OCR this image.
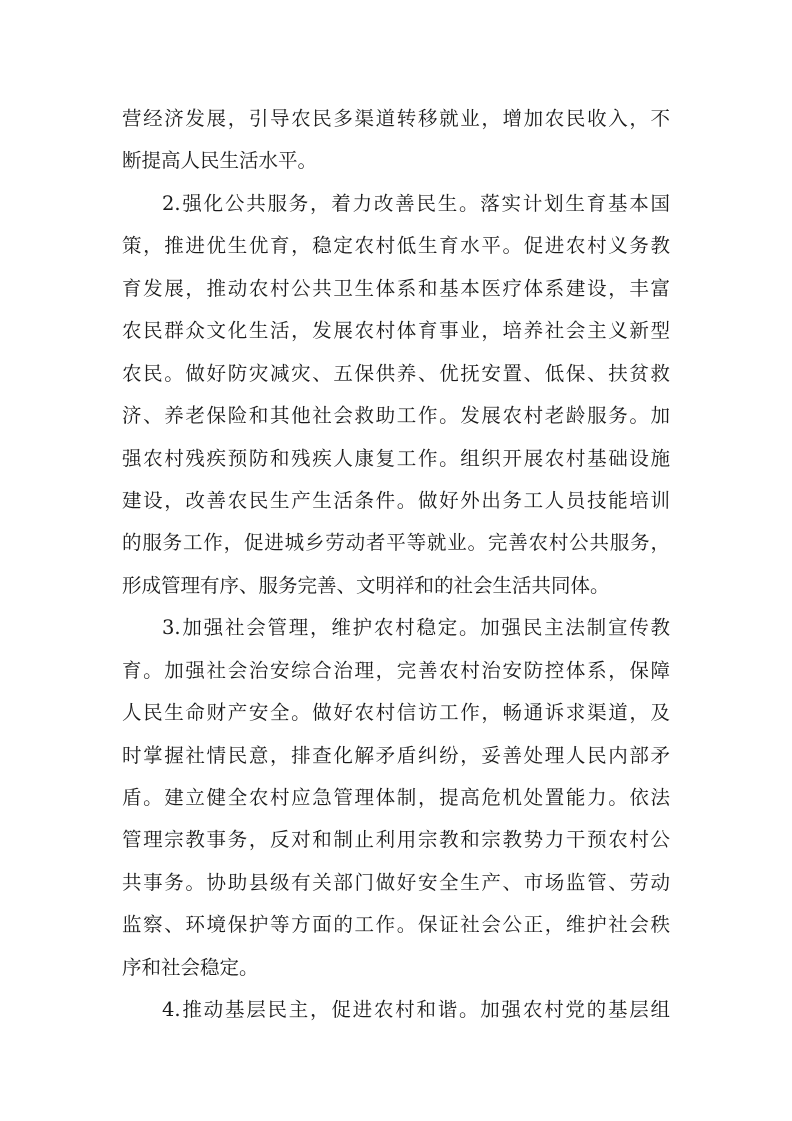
营经济发展，引导农民多渠道转移就业，增加农民收入，不
断提高人民生活水平。
2.强化公共服务，着力改善民生。落实计划生育基本国
策，推进优生优育，稳定农村低生育水平。促进农村义务教
育发展，推动农村公共卫生体系和基本医疗体系建设，丰富
农民群众文化生活，发展农村体育事业，培养社会主义新型
农民。做好防灾减灾、五保供养、优抚安置、低保、扶贫救
济、养老保险和其他社会救助工作。发展农村老龄服务。加
强农村残疾预防和残疾人康复工作。组织开展农村基础设施
建设，改善农民生产生活条件。做好外出务工人员技能培训
的服务工作，促进城乡劳动者平等就业。完善农村公共服务，
形成管理有序、服务完善、文明祥和的社会生活共同体。
3.加强社会管理，维护农村稳定。加强民主法制宣传教
育。加强社会治安综合治理，完善农村治安防控体系，保障
人民生命财产安全。做好农村信访工作，畅通诉求渠道，及
时掌握社情民意，排查化解矛盾纠纷，妥善处理人民内部矛
盾。建立健全农村应急管理体制，提高危机处置能力。依法
管理宗教事务，反对和制止利用宗教和宗教势力干预农村公
共事务。协助县级有关部门做好安全生产、市场监管、劳动
监察、环境保护等方面的工作。保证社会公正，维护社会秩
序和社会稳定。
4.推动基层民主，促进农村和谐。加强农村党的基层组
